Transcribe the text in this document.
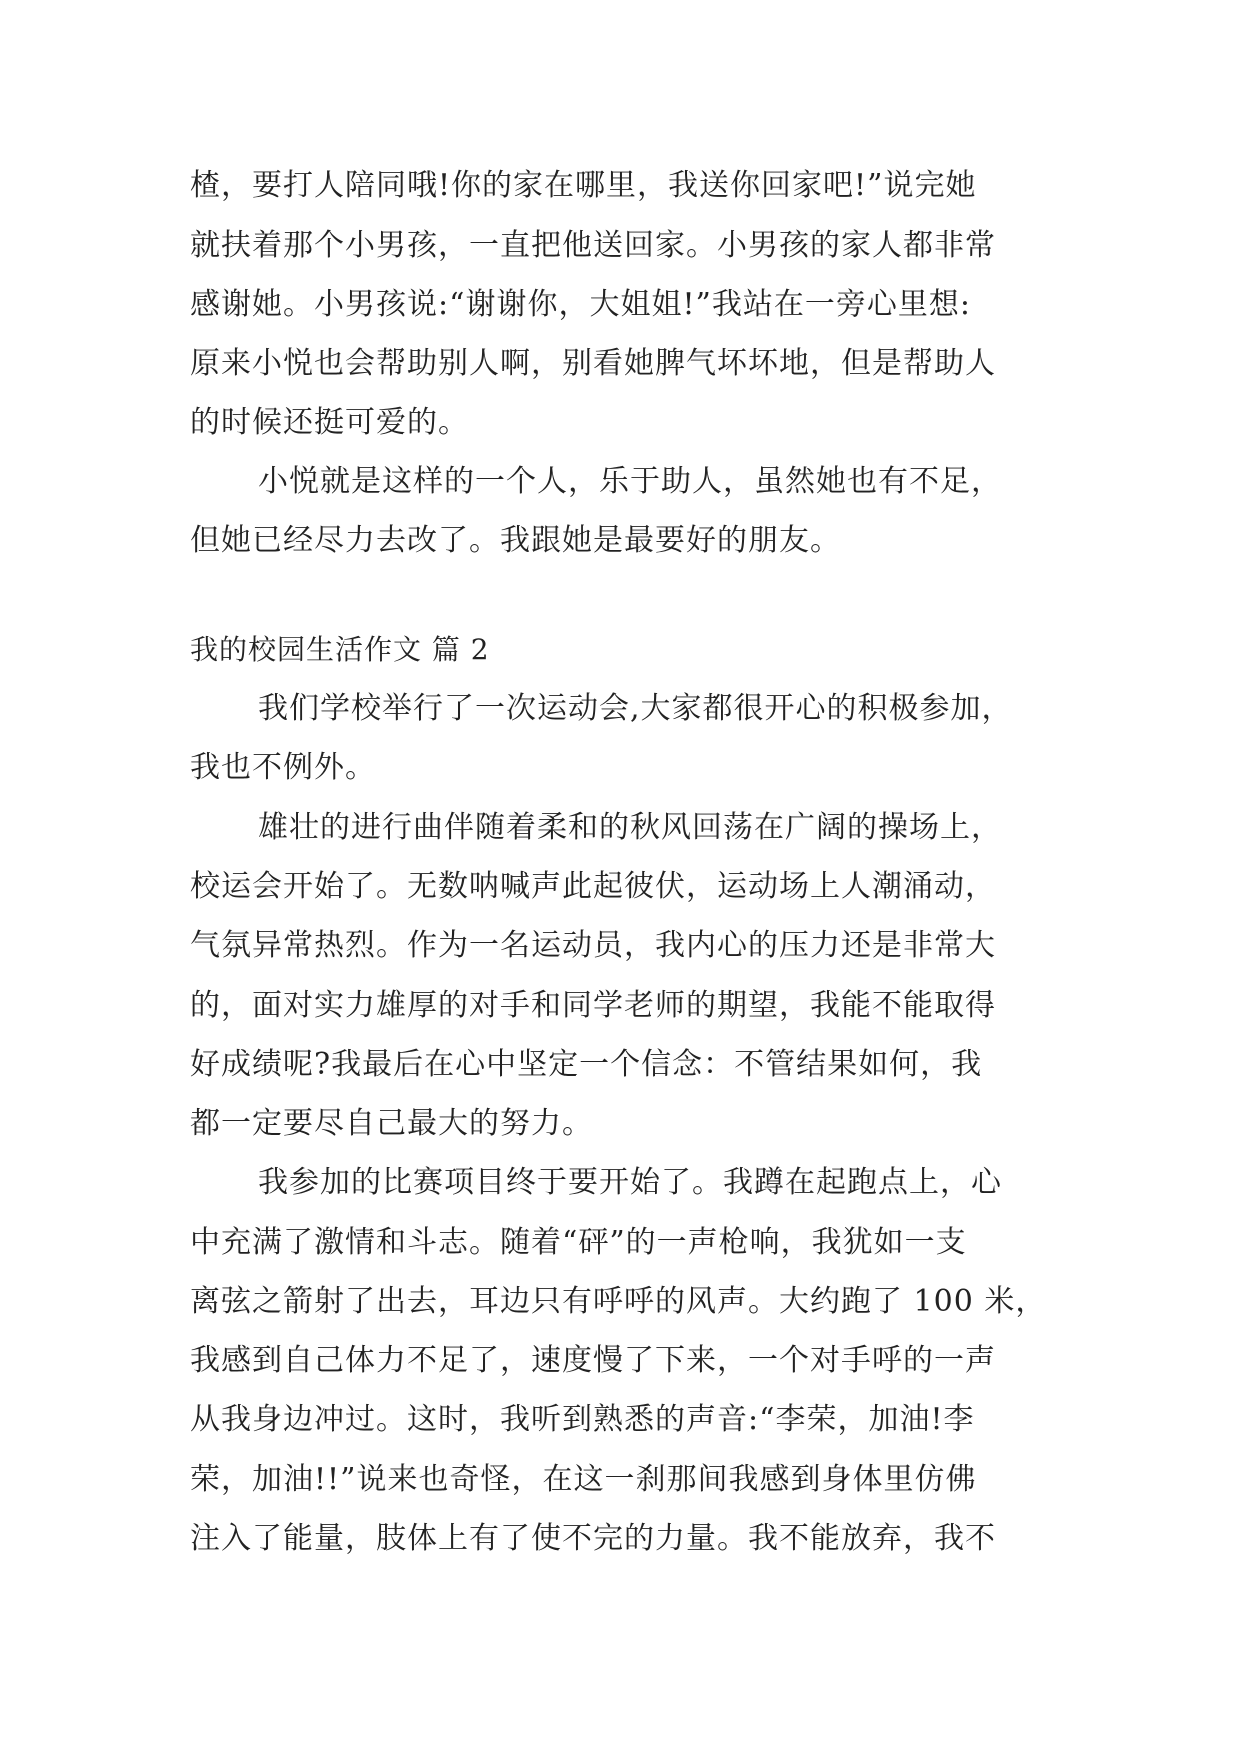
楂，要打人陪同哦!你的家在哪里，我送你回家吧!”说完她
就扶着那个小男孩，一直把他送回家。小男孩的家人都非常
感谢她。小男孩说:“谢谢你，大姐姐!”我站在一旁心里想:
原来小悦也会帮助别人啊，别看她脾气坏坏地，但是帮助人
的时候还挺可爱的。
小悦就是这样的一个人，乐于助人，虽然她也有不足，
但她已经尽力去改了。我跟她是最要好的朋友。
我的校园生活作文 篇 2
我们学校举行了一次运动会,大家都很开心的积极参加，
我也不例外。
雄壮的进行曲伴随着柔和的秋风回荡在广阔的操场上，
校运会开始了。无数呐喊声此起彼伏，运动场上人潮涌动，
气氛异常热烈。作为一名运动员，我内心的压力还是非常大
的，面对实力雄厚的对手和同学老师的期望，我能不能取得
好成绩呢?我最后在心中坚定一个信念：不管结果如何，我
都一定要尽自己最大的努力。
我参加的比赛项目终于要开始了。我蹲在起跑点上，心
中充满了激情和斗志。随着“砰”的一声枪响，我犹如一支
离弦之箭射了出去，耳边只有呼呼的风声。大约跑了 100 米，
我感到自己体力不足了，速度慢了下来，一个对手呼的一声
从我身边冲过。这时，我听到熟悉的声音:“李荣，加油!李
荣，加油!!”说来也奇怪，在这一刹那间我感到身体里仿佛
注入了能量，肢体上有了使不完的力量。我不能放弃，我不
